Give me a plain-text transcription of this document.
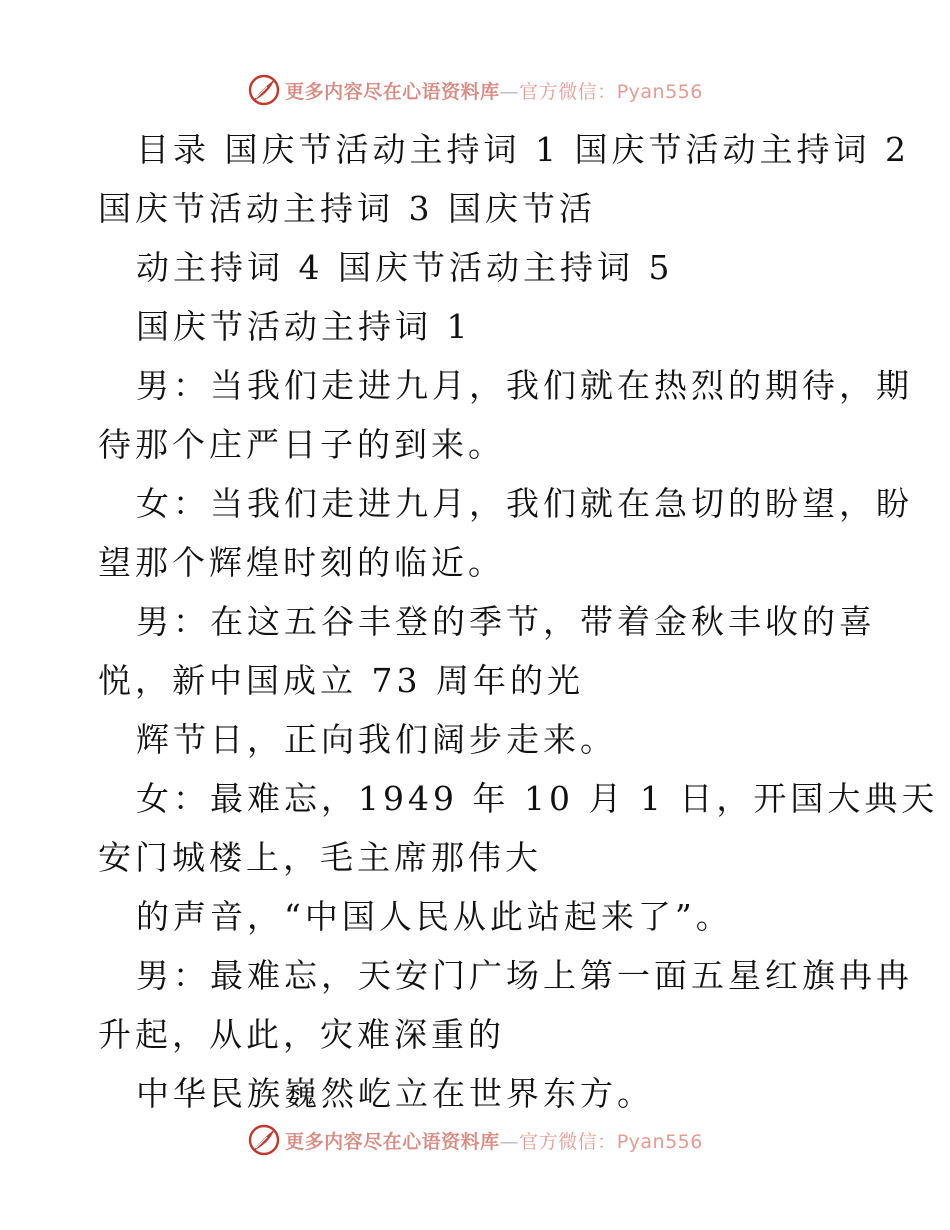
更多内容尽在心语资料库—官方微信：Pyan556

目录 国庆节活动主持词 1 国庆节活动主持词 2

国庆节活动主持词 3 国庆节活

动主持词 4 国庆节活动主持词 5

国庆节活动主持词 1

男：当我们走进九月，我们就在热烈的期待，期

待那个庄严日子的到来。

女：当我们走进九月，我们就在急切的盼望，盼

望那个辉煌时刻的临近。

男：在这五谷丰登的季节，带着金秋丰收的喜

悦，新中国成立 73 周年的光

辉节日，正向我们阔步走来。

女：最难忘，1949 年 10 月 1 日，开国大典天

安门城楼上，毛主席那伟大

的声音，“中国人民从此站起来了”。

男：最难忘，天安门广场上第一面五星红旗冉冉

升起，从此，灾难深重的

中华民族巍然屹立在世界东方。

更多内容尽在心语资料库—官方微信：Pyan556
